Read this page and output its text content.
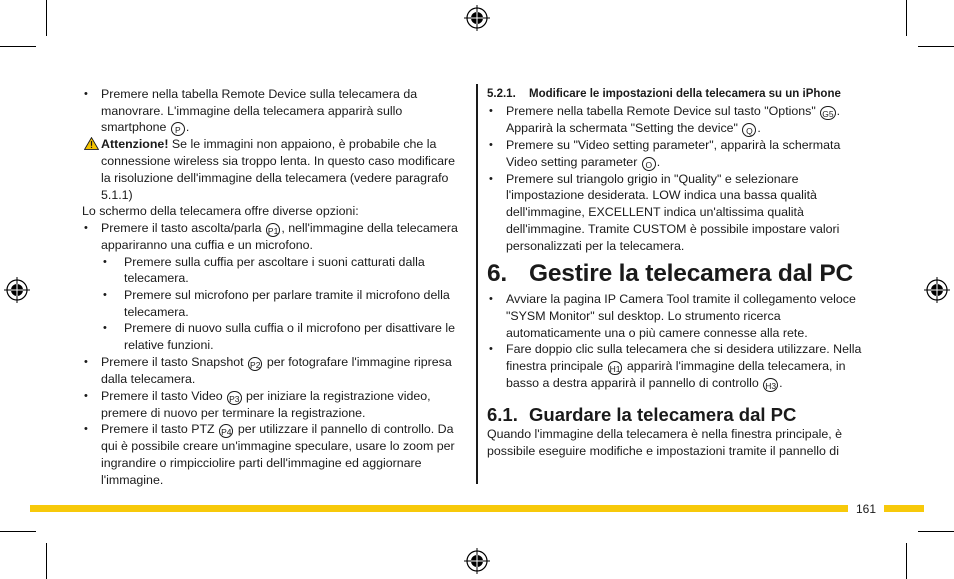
• Premere nella tabella Remote Device sulla telecamera da manovrare. L'immagine della telecamera apparirà sullo smartphone P .

Attenzione! Se le immagini non appaiono, è probabile che la connessione wireless sia troppo lenta. In questo caso modificare la risoluzione dell'immagine della telecamera (vedere paragrafo 5.1.1)

Lo schermo della telecamera offre diverse opzioni:

• Premere il tasto ascolta/parla P1 , nell'immagine della telecamera appariranno una cuffia e un microfono.

• Premere sulla cuffia per ascoltare i suoni catturati dalla telecamera.

• Premere sul microfono per parlare tramite il microfono della telecamera.

• Premere di nuovo sulla cuffia o il microfono per disattivare le relative funzioni.

• Premere il tasto Snapshot P2 per fotografare l'immagine ripresa dalla telecamera.

• Premere il tasto Video P3 per iniziare la registrazione video, premere di nuovo per terminare la registrazione.

• Premere il tasto PTZ P4 per utilizzare il pannello di controllo. Da qui è possibile creare un'immagine speculare, usare lo zoom per ingrandire o rimpicciolire parti dell'immagine ed aggiornare l'immagine.

5.2.1.	Modificare le impostazioni della telecamera su un iPhone

• Premere nella tabella Remote Device sul tasto "Options" G5 . Apparirà la schermata "Setting the device" Q .

• Premere su "Video setting parameter", apparirà la schermata Video setting parameter O .

• Premere sul triangolo grigio in "Quality" e selezionare l'impostazione desiderata. LOW indica una bassa qualità dell'immagine, EXCELLENT indica un'altissima qualità dell'immagine. Tramite CUSTOM è possibile impostare valori personalizzati per la telecamera.

6. Gestire la telecamera dal PC

• Avviare la pagina IP Camera Tool tramite il collegamento veloce "SYSM Monitor" sul desktop. Lo strumento ricerca automaticamente una o più camere connesse alla rete.

• Fare doppio clic sulla telecamera che si desidera utilizzare. Nella finestra principale H1 apparirà l'immagine della telecamera, in basso a destra apparirà il pannello di controllo H3 .

6.1. Guardare la telecamera dal PC

Quando l'immagine della telecamera è nella finestra principale, è possibile eseguire modifiche e impostazioni tramite il pannello di

161
